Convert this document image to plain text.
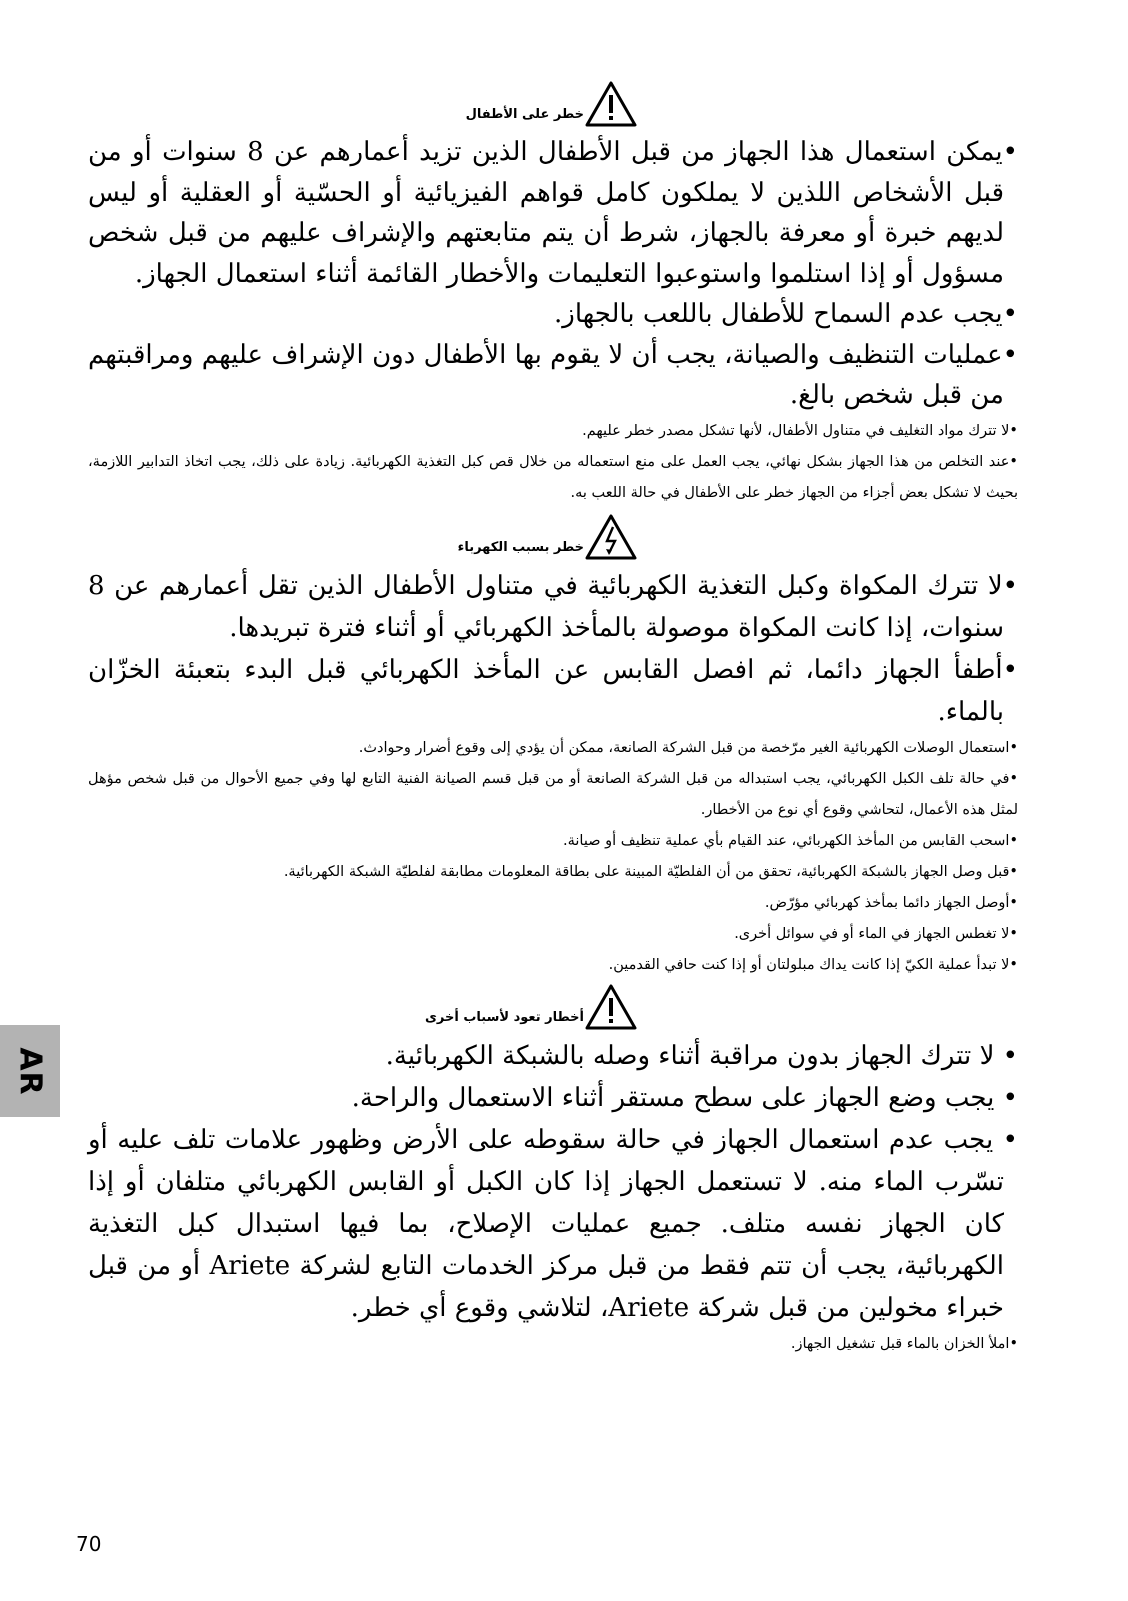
خطر على الأطفال

•يمكن استعمال هذا الجهاز من قبل الأطفال الذين تزيد أعمارهم عن 8 سنوات أو من قبل الأشخاص اللذين لا يملكون كامل قواهم الفيزيائية أو الحسّية أو العقلية أو ليس لديهم خبرة أو معرفة بالجهاز، شرط أن يتم متابعتهم والإشراف عليهم من قبل شخص مسؤول أو إذا استلموا واستوعبوا التعليمات والأخطار القائمة أثناء استعمال الجهاز.

•يجب عدم السماح للأطفال باللعب بالجهاز.

•عمليات التنظيف والصيانة، يجب أن لا يقوم بها الأطفال دون الإشراف عليهم ومراقبتهم من قبل شخص بالغ.

•لا تترك مواد التغليف في متناول الأطفال، لأنها تشكل مصدر خطر عليهم.

•عند التخلص من هذا الجهاز بشكل نهائي، يجب العمل على منع استعماله من خلال قص كبل التغذية الكهربائية. زيادة على ذلك، يجب اتخاذ التدابير اللازمة، بحيث لا تشكل بعض أجزاء من الجهاز خطر على الأطفال في حالة اللعب به.

خطر بسبب الكهرباء

•لا تترك المكواة وكبل التغذية الكهربائية في متناول الأطفال الذين تقل أعمارهم عن 8 سنوات، إذا كانت المكواة موصولة بالمأخذ الكهربائي أو أثناء فترة تبريدها.

•أطفأ الجهاز دائما، ثم افصل القابس عن المأخذ الكهربائي قبل البدء بتعبئة الخزّان بالماء.

•استعمال الوصلات الكهربائية الغير مرّخصة من قبل الشركة الصانعة، ممكن أن يؤدي إلى وقوع أضرار وحوادث.

•في حالة تلف الكبل الكهربائي، يجب استبداله من قبل الشركة الصانعة أو من قبل قسم الصيانة الفنية التابع لها وفي جميع الأحوال من قبل شخص مؤهل لمثل هذه الأعمال، لتحاشي وقوع أي نوع من الأخطار.

•اسحب القابس من المأخذ الكهربائي، عند القيام بأي عملية تنظيف أو صيانة.

•قبل وصل الجهاز بالشبكة الكهربائية، تحقق من أن الفلطيّة المبينة على بطاقة المعلومات مطابقة لفلطيّة الشبكة الكهربائية.

•أوصل الجهاز دائما بمأخذ كهربائي مؤرّض.

•لا تغطس الجهاز في الماء أو في سوائل أخرى.

•لا تبدأ عملية الكيّ إذا كانت يداك مبلولتان أو إذا كنت حافي القدمين.

أخطار تعود لأسباب أخرى

• لا تترك الجهاز بدون مراقبة أثناء وصله بالشبكة الكهربائية.

• يجب وضع الجهاز على سطح مستقر أثناء الاستعمال والراحة.

• يجب عدم استعمال الجهاز في حالة سقوطه على الأرض وظهور علامات تلف عليه أو تسّرب الماء منه. لا تستعمل الجهاز إذا كان الكبل أو القابس الكهربائي متلفان أو إذا كان الجهاز نفسه متلف. جميع عمليات الإصلاح، بما فيها استبدال كبل التغذية الكهربائية، يجب أن تتم فقط من قبل مركز الخدمات التابع لشركة Ariete أو من قبل خبراء مخولين من قبل شركة Ariete، لتلاشي وقوع أي خطر.

•املأ الخزان بالماء قبل تشغيل الجهاز.

AR
70
